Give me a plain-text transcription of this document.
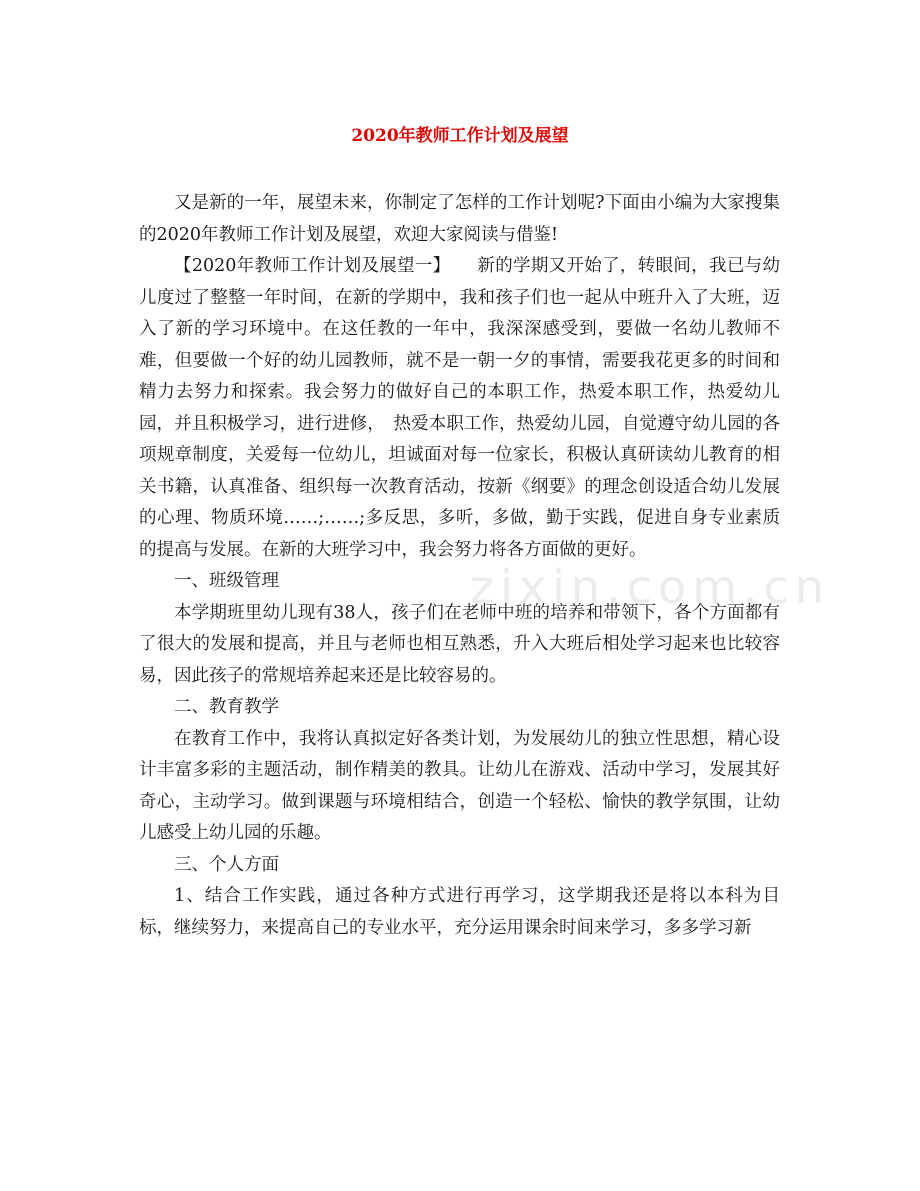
2020年教师工作计划及展望

又是新的一年，展望未来，你制定了怎样的工作计划呢?下面由小编为大家搜集的2020年教师工作计划及展望，欢迎大家阅读与借鉴!

【2020年教师工作计划及展望一】　　新的学期又开始了，转眼间，我已与幼儿度过了整整一年时间，在新的学期中，我和孩子们也一起从中班升入了大班，迈入了新的学习环境中。在这任教的一年中，我深深感受到，要做一名幼儿教师不难，但要做一个好的幼儿园教师，就不是一朝一夕的事情，需要我花更多的时间和精力去努力和探索。我会努力的做好自己的本职工作，热爱本职工作，热爱幼儿园，并且积极学习，进行进修，　热爱本职工作，热爱幼儿园，自觉遵守幼儿园的各项规章制度，关爱每一位幼儿，坦诚面对每一位家长，积极认真研读幼儿教育的相关书籍，认真准备、组织每一次教育活动，按新《纲要》的理念创设适合幼儿发展的心理、物质环境……;……;多反思，多听，多做，勤于实践，促进自身专业素质的提高与发展。在新的大班学习中，我会努力将各方面做的更好。

一、班级管理

本学期班里幼儿现有38人，孩子们在老师中班的培养和带领下，各个方面都有了很大的发展和提高，并且与老师也相互熟悉，升入大班后相处学习起来也比较容易，因此孩子的常规培养起来还是比较容易的。

二、教育教学

在教育工作中，我将认真拟定好各类计划，为发展幼儿的独立性思想，精心设计丰富多彩的主题活动，制作精美的教具。让幼儿在游戏、活动中学习，发展其好奇心，主动学习。做到课题与环境相结合，创造一个轻松、愉快的教学氛围，让幼儿感受上幼儿园的乐趣。

三、个人方面

1、结合工作实践，通过各种方式进行再学习，这学期我还是将以本科为目标，继续努力，来提高自己的专业水平，充分运用课余时间来学习，多多学习新

zixin.com.cn
